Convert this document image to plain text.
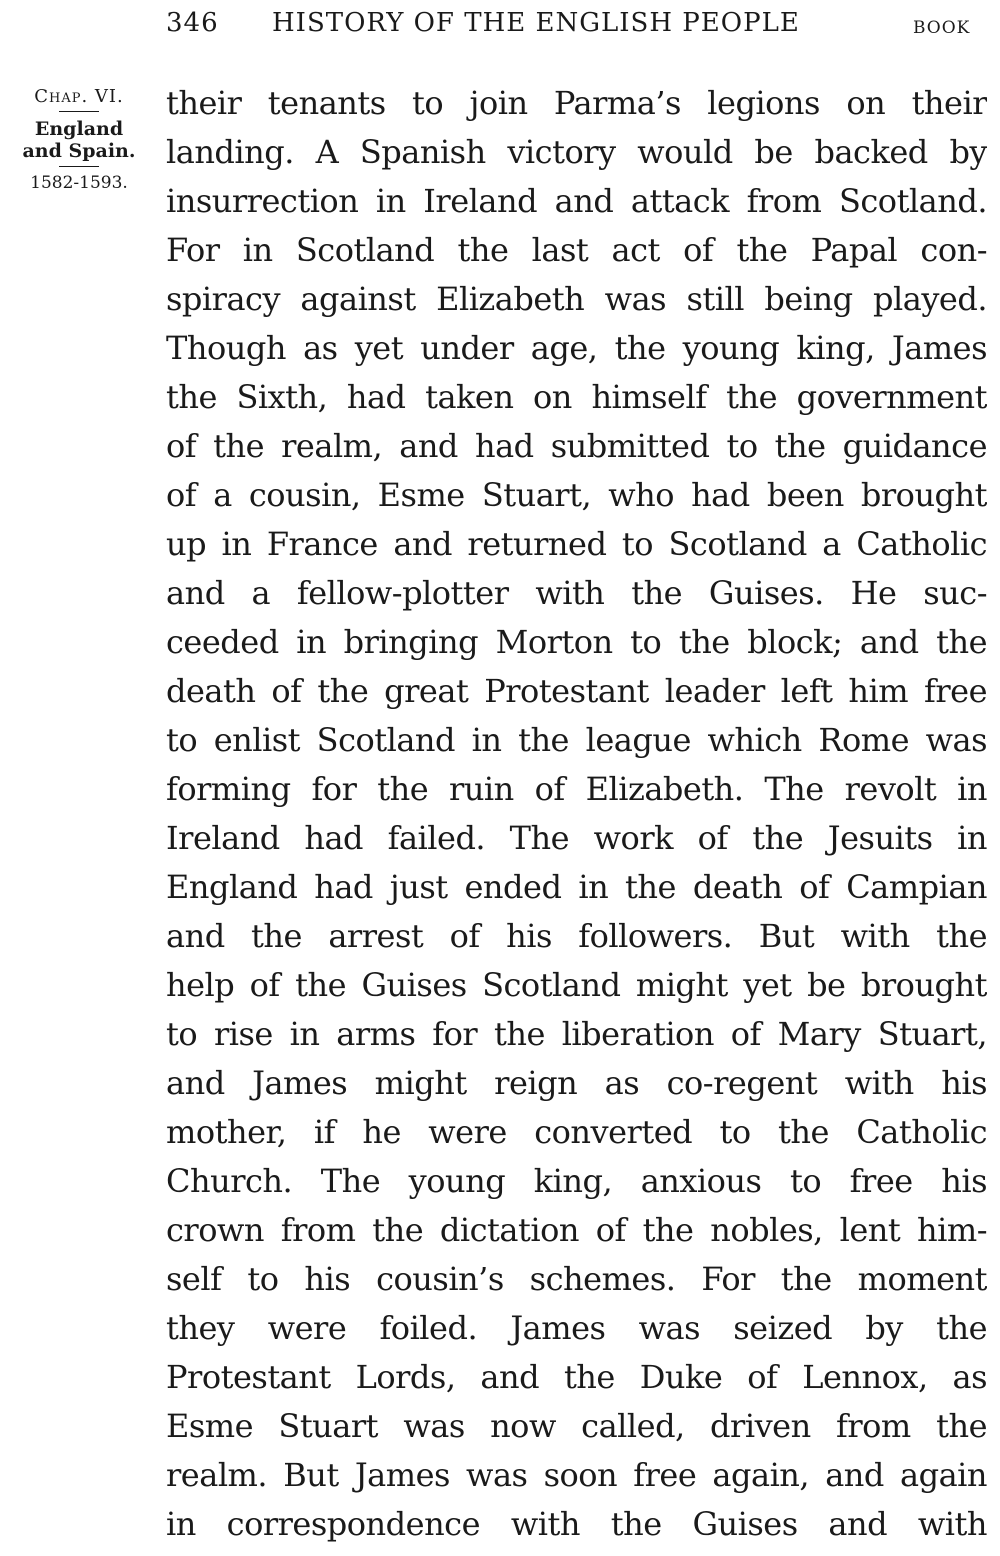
346 HISTORY OF THE ENGLISH PEOPLE	BOOK
Chap. VI.
England
and Spain.
1582-1593.
their tenants to join Parma’s legions on their
landing. A Spanish victory would be backed by
insurrection in Ireland and attack from Scotland.
For in Scotland the last act of the Papal con-
spiracy against Elizabeth was still being played.
Though as yet under age, the young king, James
the Sixth, had taken on himself the government
of the realm, and had submitted to the guidance
of a cousin, Esme Stuart, who had been brought
up in France and returned to Scotland a Catholic
and a fellow-plotter with the Guises. He suc-
ceeded in bringing Morton to the block; and the
death of the great Protestant leader left him free
to enlist Scotland in the league which Rome was
forming for the ruin of Elizabeth. The revolt in
Ireland had failed. The work of the Jesuits in
England had just ended in the death of Campian
and the arrest of his followers. But with the
help of the Guises Scotland might yet be brought
to rise in arms for the liberation of Mary Stuart,
and James might reign as co-regent with his
mother, if he were converted to the Catholic
Church. The young king, anxious to free his
crown from the dictation of the nobles, lent him-
self to his cousin’s schemes. For the moment
they were foiled. James was seized by the
Protestant Lords, and the Duke of Lennox, as
Esme Stuart was now called, driven from the
realm. But James was soon free again, and again
in correspondence with the Guises and with
